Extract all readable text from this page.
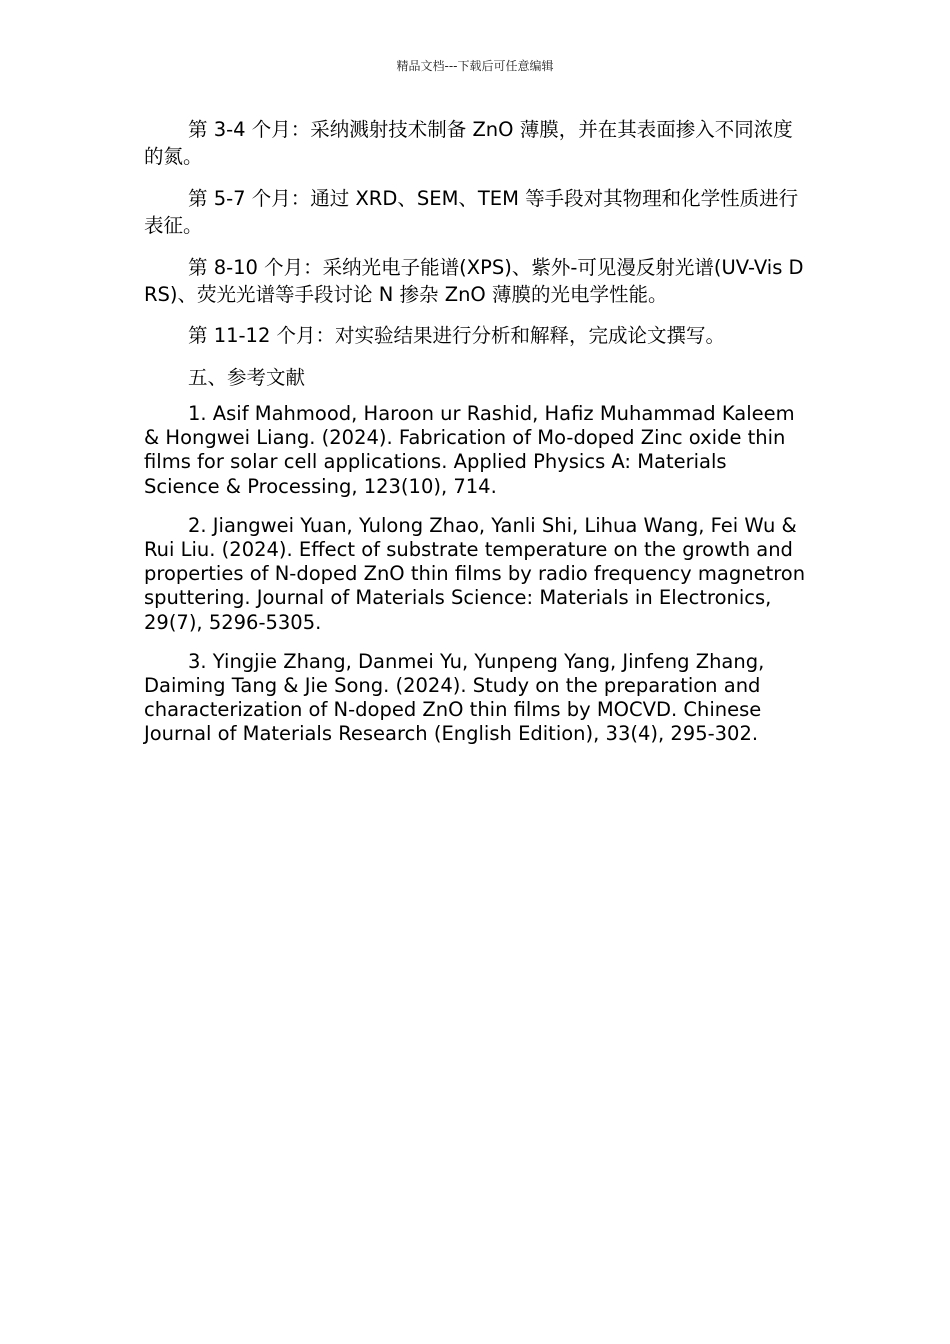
精品文档---下载后可任意编辑

第 3-4 个月：采纳溅射技术制备 ZnO 薄膜，并在其表面掺入不同浓度的氮。

第 5-7 个月：通过 XRD、SEM、TEM 等手段对其物理和化学性质进行表征。

第 8-10 个月：采纳光电子能谱(XPS)、紫外-可见漫反射光谱(UV-Vis DRS)、荧光光谱等手段讨论 N 掺杂 ZnO 薄膜的光电学性能。

第 11-12 个月：对实验结果进行分析和解释，完成论文撰写。

五、参考文献

1. Asif Mahmood, Haroon ur Rashid, Hafiz Muhammad Kaleem & Hongwei Liang. (2024). Fabrication of Mo-doped Zinc oxide thin films for solar cell applications. Applied Physics A: Materials Science & Processing, 123(10), 714.

2. Jiangwei Yuan, Yulong Zhao, Yanli Shi, Lihua Wang, Fei Wu & Rui Liu. (2024). Effect of substrate temperature on the growth and properties of N-doped ZnO thin films by radio frequency magnetron sputtering. Journal of Materials Science: Materials in Electronics, 29(7), 5296-5305.

3. Yingjie Zhang, Danmei Yu, Yunpeng Yang, Jinfeng Zhang, Daiming Tang & Jie Song. (2024). Study on the preparation and characterization of N-doped ZnO thin films by MOCVD. Chinese Journal of Materials Research (English Edition), 33(4), 295-302.
